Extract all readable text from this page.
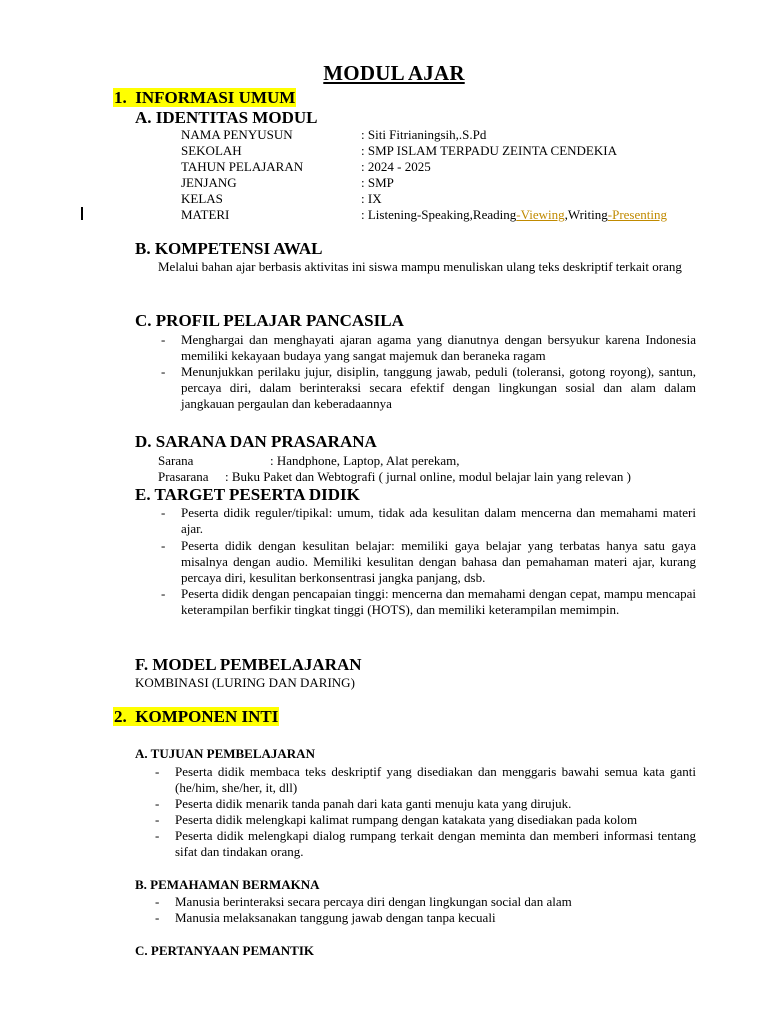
MODUL AJAR
1. INFORMASI UMUM
A. IDENTITAS MODUL
NAMA PENYUSUN	: Siti Fitrianingsih,.S.Pd
SEKOLAH	: SMP ISLAM TERPADU ZEINTA CENDEKIA
TAHUN PELAJARAN	: 2024 - 2025
JENJANG	: SMP
KELAS	: IX
MATERI	: Listening-Speaking,Reading-Viewing,Writing-Presenting
B. KOMPETENSI AWAL
Melalui bahan ajar berbasis aktivitas ini siswa mampu menuliskan ulang teks deskriptif terkait orang
C. PROFIL PELAJAR PANCASILA
- Menghargai dan menghayati ajaran agama yang dianutnya dengan bersyukur karena Indonesia memiliki kekayaan budaya yang sangat majemuk dan beraneka ragam
- Menunjukkan perilaku jujur, disiplin, tanggung jawab, peduli (toleransi, gotong royong), santun, percaya diri, dalam berinteraksi secara efektif dengan lingkungan sosial dan alam dalam jangkauan pergaulan dan keberadaannya
D. SARANA DAN PRASARANA
Sarana	: Handphone, Laptop, Alat perekam,
Prasarana : Buku Paket dan Webtografi ( jurnal online, modul belajar lain yang relevan )
E. TARGET PESERTA DIDIK
- Peserta didik reguler/tipikal: umum, tidak ada kesulitan dalam mencerna dan memahami materi ajar.
- Peserta didik dengan kesulitan belajar: memiliki gaya belajar yang terbatas hanya satu gaya misalnya dengan audio. Memiliki kesulitan dengan bahasa dan pemahaman materi ajar, kurang percaya diri, kesulitan berkonsentrasi jangka panjang, dsb.
- Peserta didik dengan pencapaian tinggi: mencerna dan memahami dengan cepat, mampu mencapai keterampilan berfikir tingkat tinggi (HOTS), dan memiliki keterampilan memimpin.
F. MODEL PEMBELAJARAN
KOMBINASI (LURING DAN DARING)
2. KOMPONEN INTI
A. TUJUAN PEMBELAJARAN
- Peserta didik membaca teks deskriptif yang disediakan dan menggaris bawahi semua kata ganti (he/him, she/her, it, dll)
- Peserta didik menarik tanda panah dari kata ganti menuju kata yang dirujuk.
- Peserta didik melengkapi kalimat rumpang dengan katakata yang disediakan pada kolom
- Peserta didik melengkapi dialog rumpang terkait dengan meminta dan memberi informasi tentang sifat dan tindakan orang.
B. PEMAHAMAN BERMAKNA
- Manusia berinteraksi secara percaya diri dengan lingkungan social dan alam
- Manusia melaksanakan tanggung jawab dengan tanpa kecuali
C. PERTANYAAN PEMANTIK
